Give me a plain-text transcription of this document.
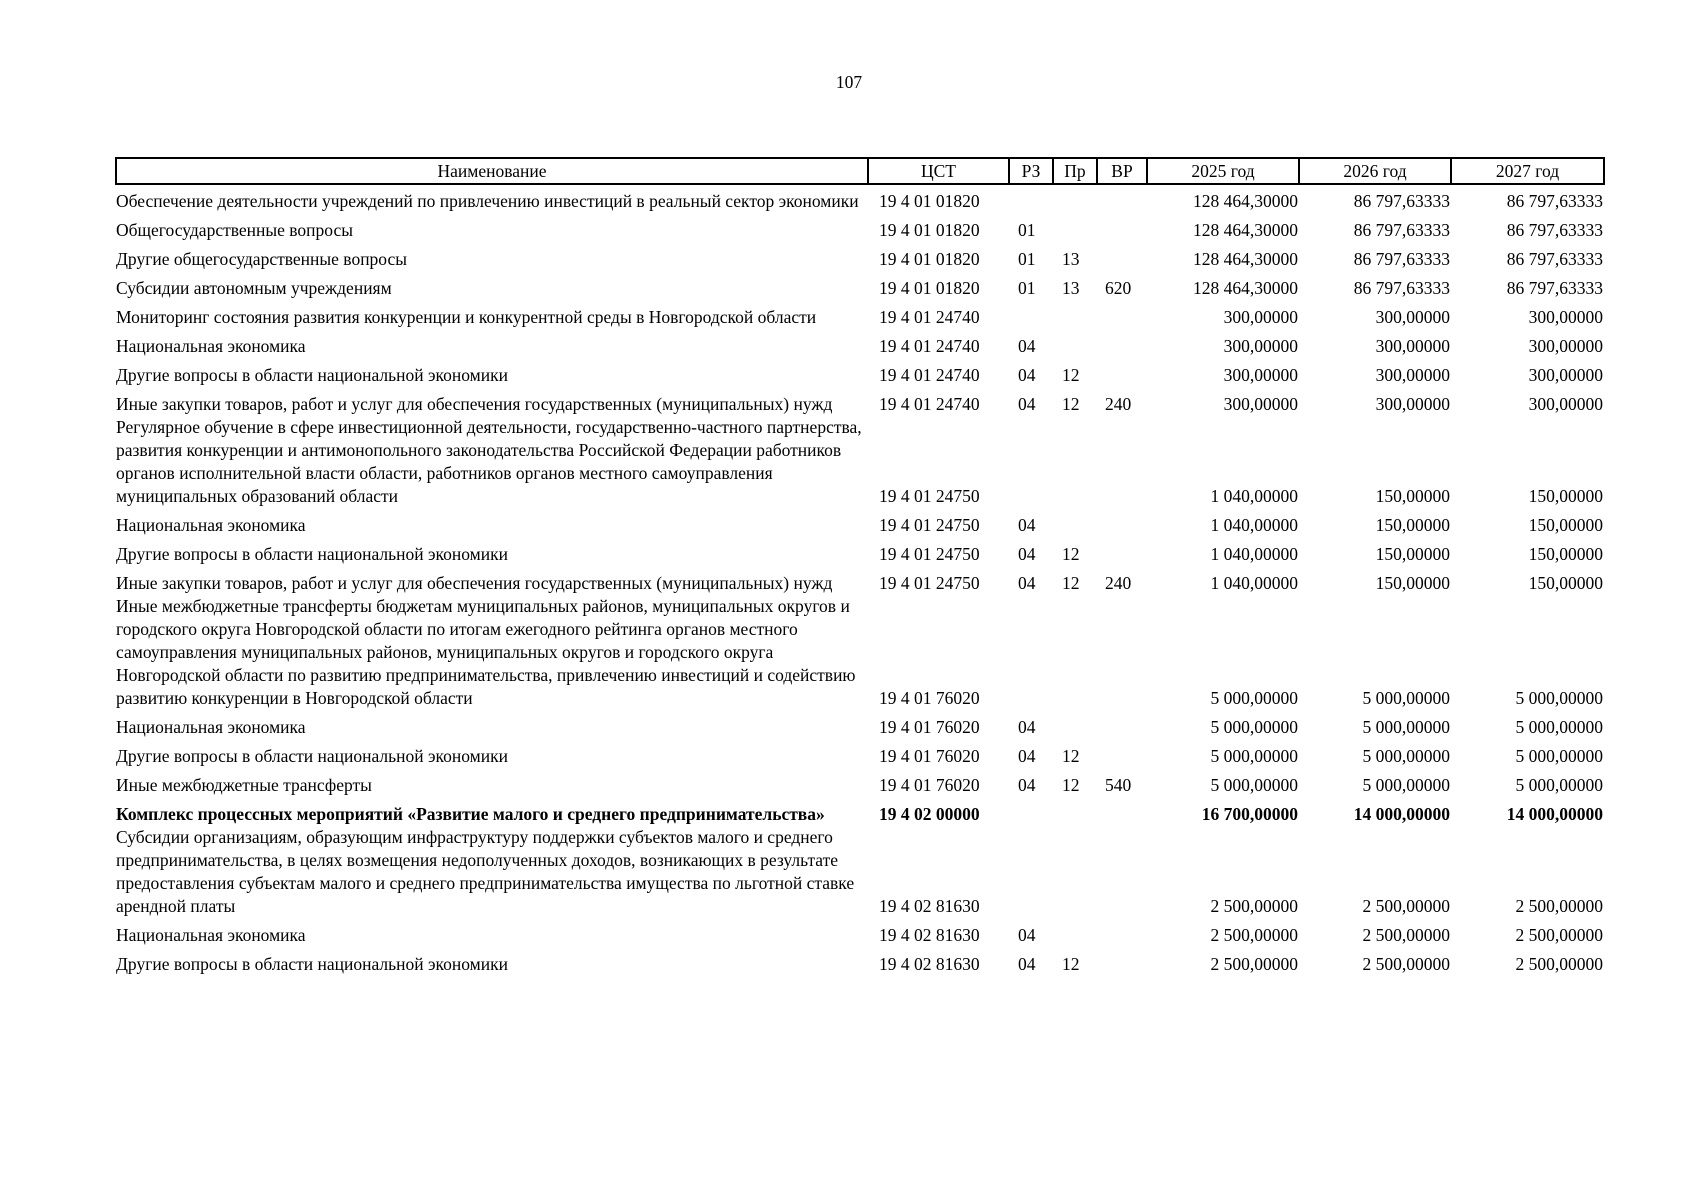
107
Наименование	ЦСТ	РЗ	Пр	ВР	2025 год	2026 год	2027 год
Обеспечение деятельности учреждений по привлечению инвестиций в реальный сектор экономики	19 4 01 01820				128 464,30000	86 797,63333	86 797,63333
Общегосударственные вопросы	19 4 01 01820	01			128 464,30000	86 797,63333	86 797,63333
Другие общегосударственные вопросы	19 4 01 01820	01	13		128 464,30000	86 797,63333	86 797,63333
Субсидии автономным учреждениям	19 4 01 01820	01	13	620	128 464,30000	86 797,63333	86 797,63333
Мониторинг состояния развития конкуренции и конкурентной среды в Новгородской области	19 4 01 24740				300,00000	300,00000	300,00000
Национальная экономика	19 4 01 24740	04			300,00000	300,00000	300,00000
Другие вопросы в области национальной экономики	19 4 01 24740	04	12		300,00000	300,00000	300,00000
Иные закупки товаров, работ и услуг для обеспечения государственных (муниципальных) нужд	19 4 01 24740	04	12	240	300,00000	300,00000	300,00000
Регулярное обучение в сфере инвестиционной деятельности, государственно-частного партнерства, развития конкуренции и антимонопольного законодательства Российской Федерации работников органов исполнительной власти области, работников органов местного самоуправления муниципальных образований области	19 4 01 24750				1 040,00000	150,00000	150,00000
Национальная экономика	19 4 01 24750	04			1 040,00000	150,00000	150,00000
Другие вопросы в области национальной экономики	19 4 01 24750	04	12		1 040,00000	150,00000	150,00000
Иные закупки товаров, работ и услуг для обеспечения государственных (муниципальных) нужд	19 4 01 24750	04	12	240	1 040,00000	150,00000	150,00000
Иные межбюджетные трансферты бюджетам муниципальных районов, муниципальных округов и городского округа Новгородской области по итогам ежегодного рейтинга органов местного самоуправления муниципальных районов, муниципальных округов и городского округа Новгородской области по развитию предпринимательства, привлечению инвестиций и содействию развитию конкуренции в Новгородской области	19 4 01 76020				5 000,00000	5 000,00000	5 000,00000
Национальная экономика	19 4 01 76020	04			5 000,00000	5 000,00000	5 000,00000
Другие вопросы в области национальной экономики	19 4 01 76020	04	12		5 000,00000	5 000,00000	5 000,00000
Иные межбюджетные трансферты	19 4 01 76020	04	12	540	5 000,00000	5 000,00000	5 000,00000
Комплекс процессных мероприятий «Развитие малого и среднего предпринимательства»	19 4 02 00000				16 700,00000	14 000,00000	14 000,00000
Субсидии организациям, образующим инфраструктуру поддержки субъектов малого и среднего предпринимательства, в целях возмещения недополученных доходов, возникающих в результате предоставления субъектам малого и среднего предпринимательства имущества по льготной ставке арендной платы	19 4 02 81630				2 500,00000	2 500,00000	2 500,00000
Национальная экономика	19 4 02 81630	04			2 500,00000	2 500,00000	2 500,00000
Другие вопросы в области национальной экономики	19 4 02 81630	04	12		2 500,00000	2 500,00000	2 500,00000
